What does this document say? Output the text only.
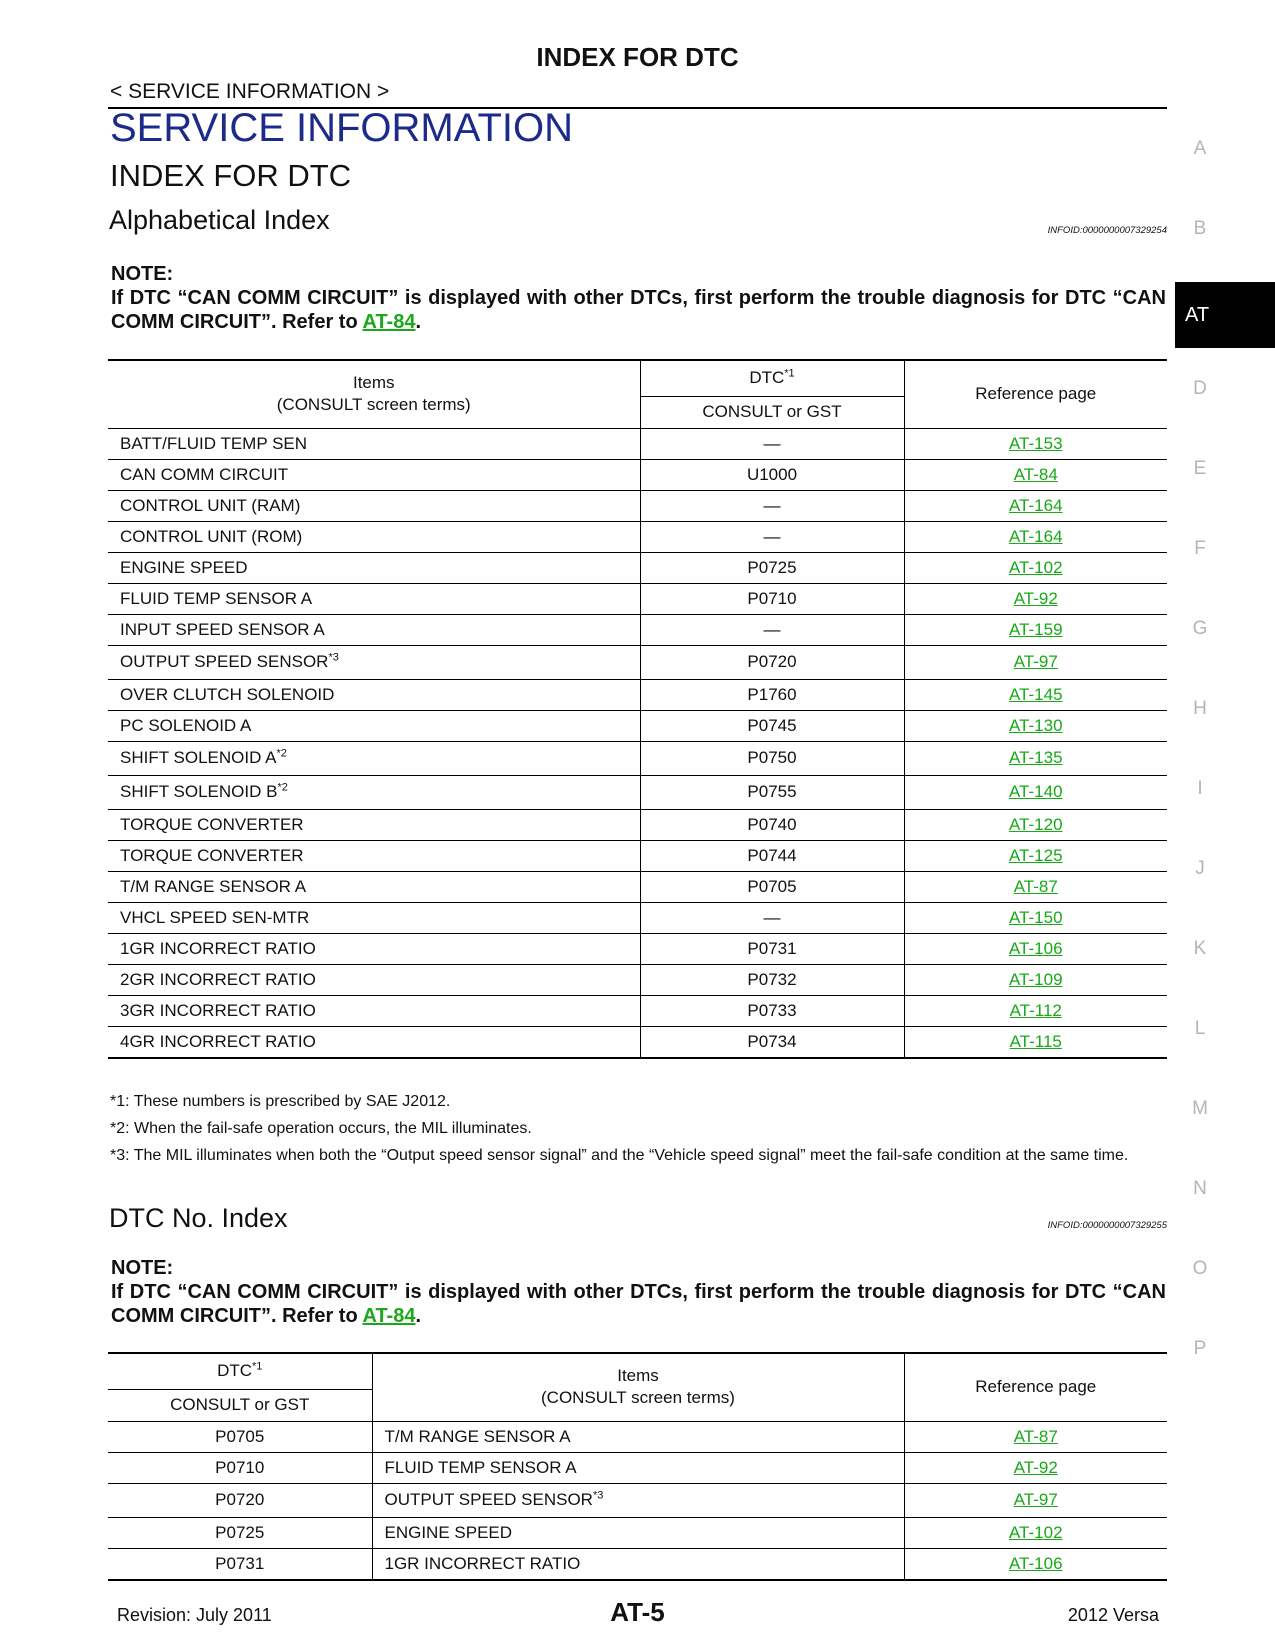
INDEX FOR DTC
< SERVICE INFORMATION >
SERVICE INFORMATION
INDEX FOR DTC
Alphabetical Index	INFOID:0000000007329254
NOTE:
If DTC “CAN COMM CIRCUIT” is displayed with other DTCs, first perform the trouble diagnosis for DTC “CAN COMM CIRCUIT”. Refer to AT-84.
Items
(CONSULT screen terms)	DTC$^{*1}$	Reference page
	CONSULT or GST	
BATT/FLUID TEMP SEN	—	AT-153
CAN COMM CIRCUIT	U1000	AT-84
CONTROL UNIT (RAM)	—	AT-164
CONTROL UNIT (ROM)	—	AT-164
ENGINE SPEED	P0725	AT-102
FLUID TEMP SENSOR A	P0710	AT-92
INPUT SPEED SENSOR A	—	AT-159
OUTPUT SPEED SENSOR$^{*3}$	P0720	AT-97
OVER CLUTCH SOLENOID	P1760	AT-145
PC SOLENOID A	P0745	AT-130
SHIFT SOLENOID $A^{*2}$	P0750	AT-135
SHIFT SOLENOID $B^{*2}$	P0755	AT-140
TORQUE CONVERTER	P0740	AT-120
TORQUE CONVERTER	P0744	AT-125
T/M RANGE SENSOR A	P0705	AT-87
VHCL SPEED SEN-MTR	—	AT-150
1GR INCORRECT RATIO	P0731	AT-106
2GR INCORRECT RATIO	P0732	AT-109
3GR INCORRECT RATIO	P0733	AT-112
4GR INCORRECT RATIO	P0734	AT-115
*1: These numbers is prescribed by SAE J2012.
*2: When the fail-safe operation occurs, the MIL illuminates.
*3: The MIL illuminates when both the “Output speed sensor signal” and the “Vehicle speed signal” meet the fail-safe condition at the same time.
DTC No. Index	INFOID:0000000007329255
NOTE:
If DTC “CAN COMM CIRCUIT” is displayed with other DTCs, first perform the trouble diagnosis for DTC “CAN COMM CIRCUIT”. Refer to AT-84.
DTC$^{*1}$	Items
(CONSULT screen terms)	Reference page
CONSULT or GST		
P0705	T/M RANGE SENSOR A	AT-87
P0710	FLUID TEMP SENSOR A	AT-92
P0720	OUTPUT SPEED SENSOR$^{*3}$	AT-97
P0725	ENGINE SPEED	AT-102
P0731	1GR INCORRECT RATIO	AT-106
A
B
AT
D
E
F
G
H
I
J
K
L
M
N
O
P
Revision: July 2011	AT-5	2012 Versa
